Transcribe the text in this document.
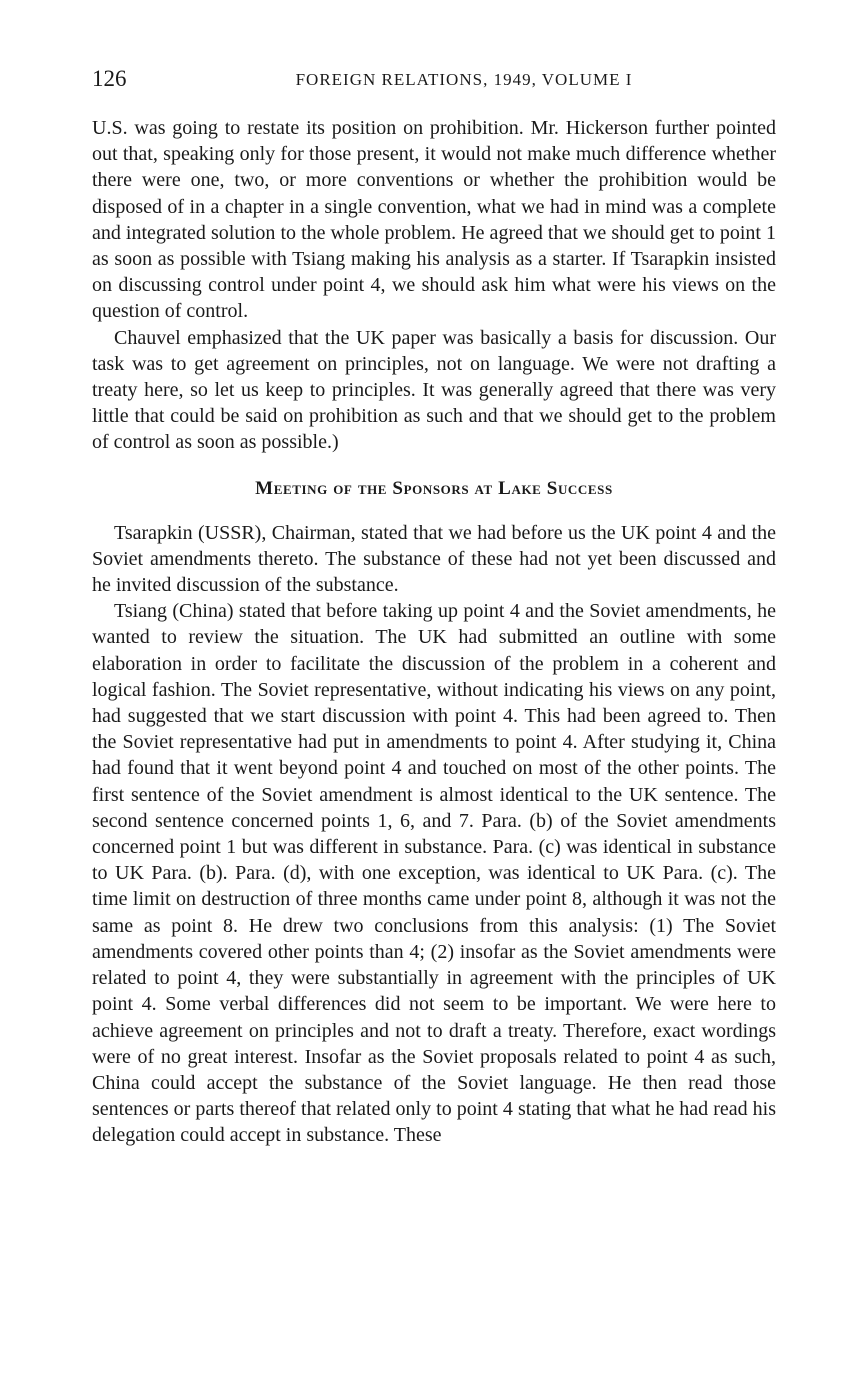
126	FOREIGN RELATIONS, 1949, VOLUME I

U.S. was going to restate its position on prohibition. Mr. Hickerson further pointed out that, speaking only for those present, it would not make much difference whether there were one, two, or more conventions or whether the prohibition would be disposed of in a chapter in a single convention, what we had in mind was a complete and integrated solution to the whole problem. He agreed that we should get to point 1 as soon as possible with Tsiang making his analysis as a starter. If Tsarapkin insisted on discussing control under point 4, we should ask him what were his views on the question of control.

Chauvel emphasized that the UK paper was basically a basis for discussion. Our task was to get agreement on principles, not on language. We were not drafting a treaty here, so let us keep to principles. It was generally agreed that there was very little that could be said on prohibition as such and that we should get to the problem of control as soon as possible.)

Meeting of the Sponsors at Lake Success

Tsarapkin (USSR), Chairman, stated that we had before us the UK point 4 and the Soviet amendments thereto. The substance of these had not yet been discussed and he invited discussion of the substance.

Tsiang (China) stated that before taking up point 4 and the Soviet amendments, he wanted to review the situation. The UK had submitted an outline with some elaboration in order to facilitate the discussion of the problem in a coherent and logical fashion. The Soviet representative, without indicating his views on any point, had suggested that we start discussion with point 4. This had been agreed to. Then the Soviet representative had put in amendments to point 4. After studying it, China had found that it went beyond point 4 and touched on most of the other points. The first sentence of the Soviet amendment is almost identical to the UK sentence. The second sentence concerned points 1, 6, and 7. Para. (b) of the Soviet amendments concerned point 1 but was different in substance. Para. (c) was identical in substance to UK Para. (b). Para. (d), with one exception, was identical to UK Para. (c). The time limit on destruction of three months came under point 8, although it was not the same as point 8. He drew two conclusions from this analysis: (1) The Soviet amendments covered other points than 4; (2) insofar as the Soviet amendments were related to point 4, they were substantially in agreement with the principles of UK point 4. Some verbal differences did not seem to be important. We were here to achieve agreement on principles and not to draft a treaty. Therefore, exact wordings were of no great interest. Insofar as the Soviet proposals related to point 4 as such, China could accept the substance of the Soviet language. He then read those sentences or parts thereof that related only to point 4 stating that what he had read his delegation could accept in substance. These
